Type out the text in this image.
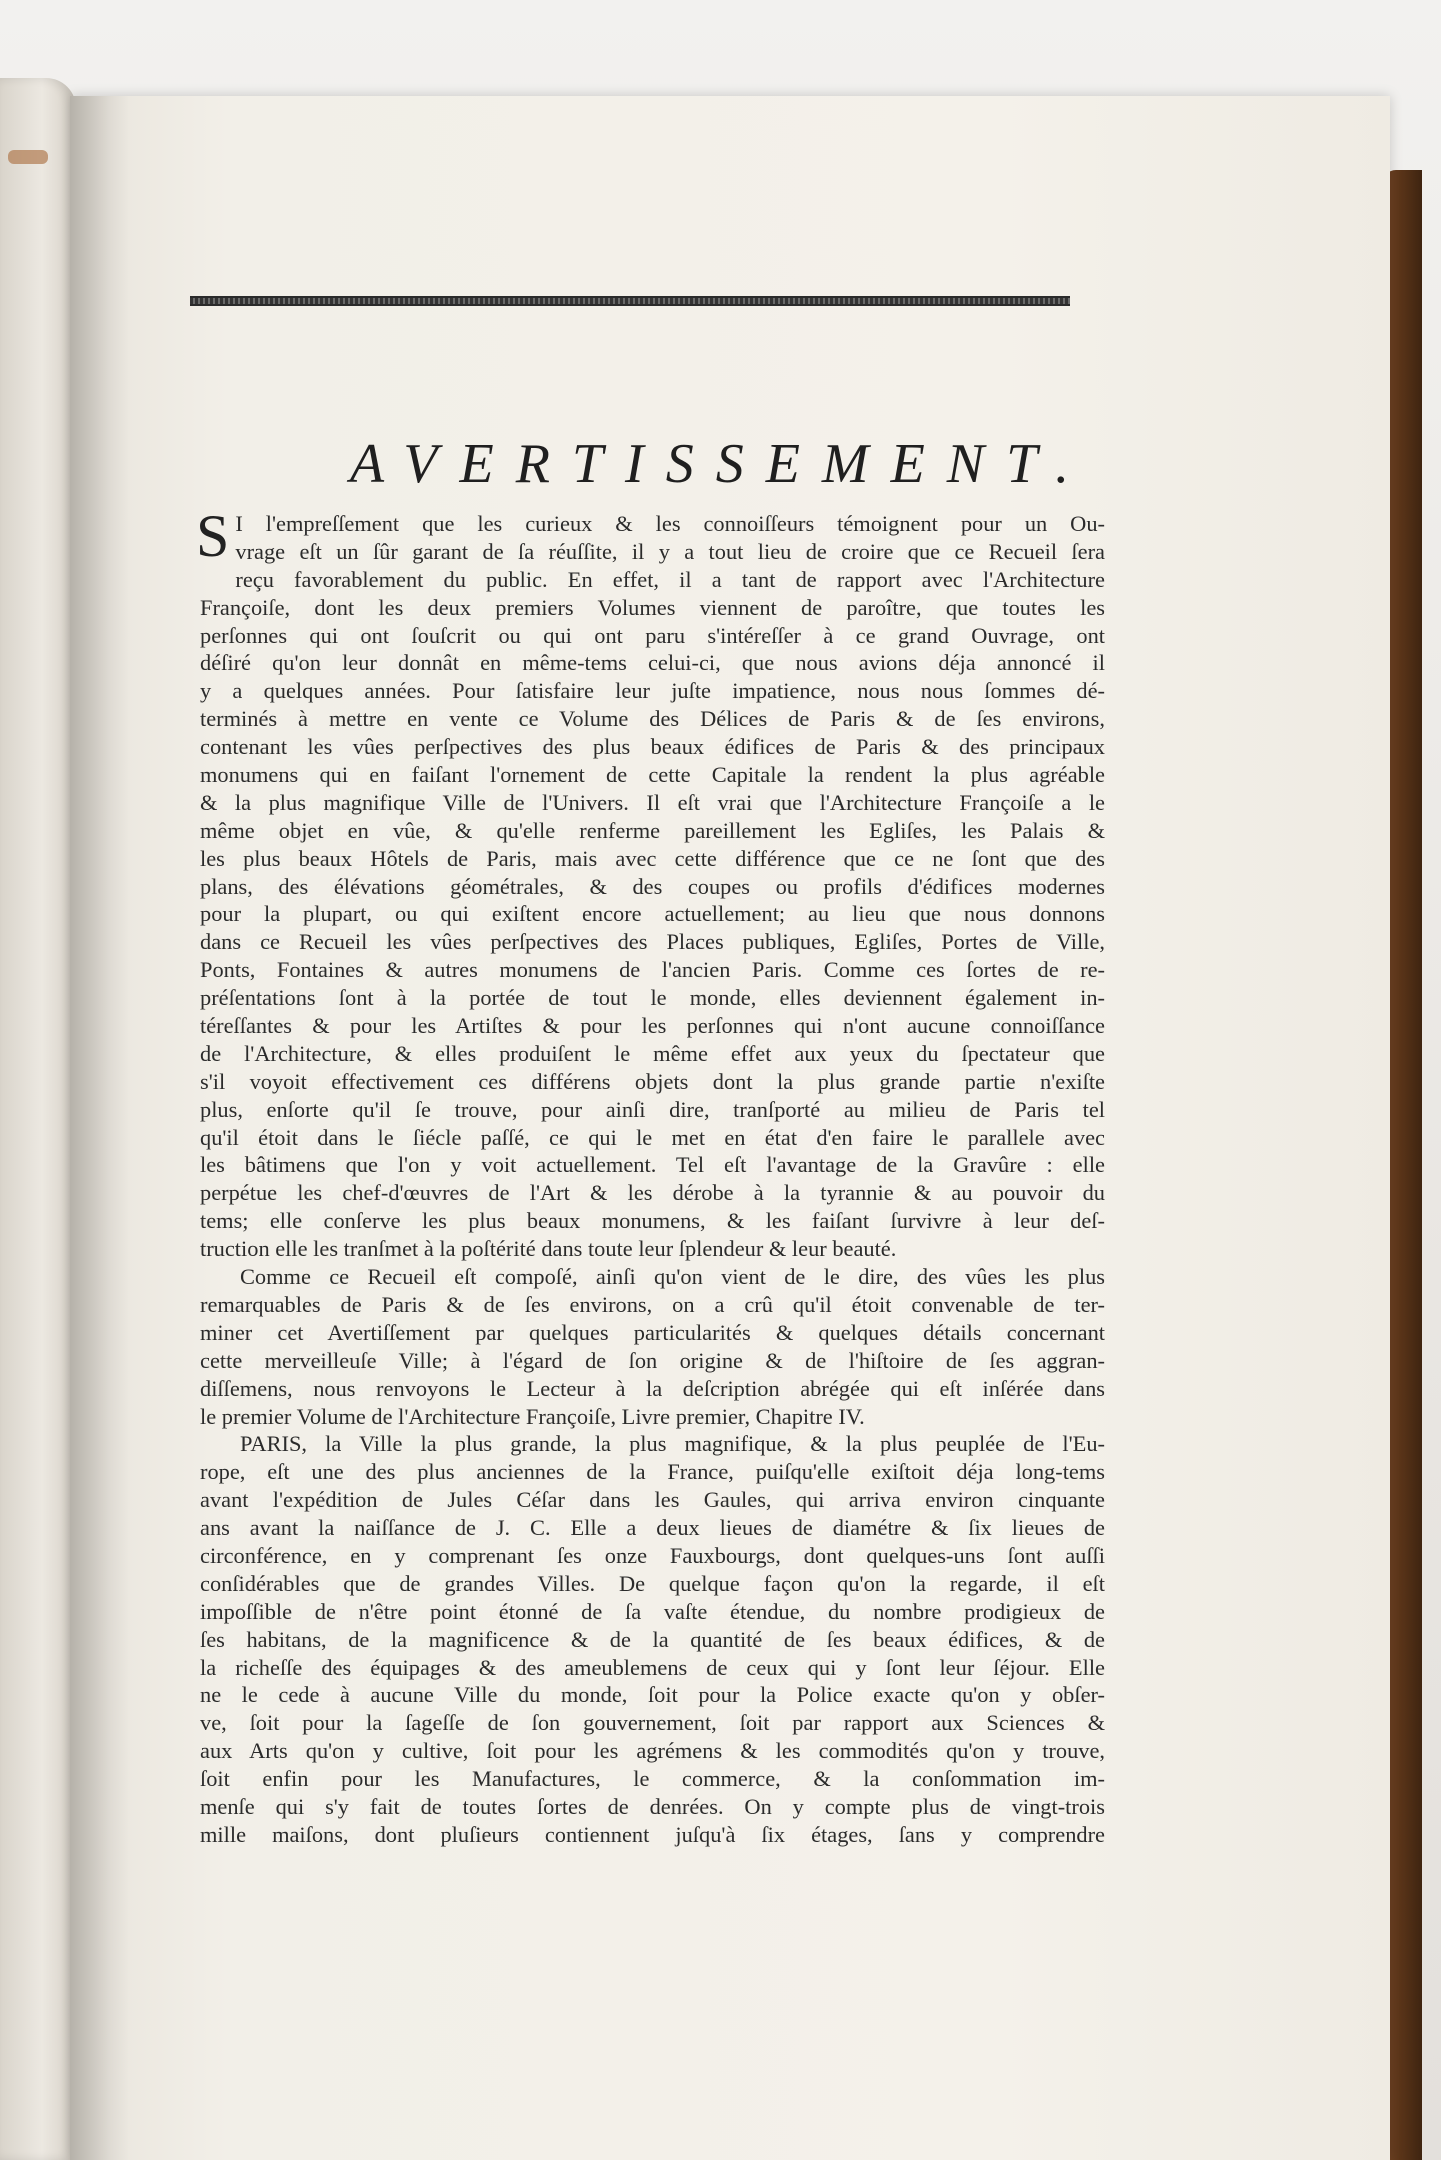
AVERTISSEMENT.
S I l'empreſſement que les curieux & les connoiſſeurs témoignent pour un Ou-
vrage eſt un ſûr garant de ſa réuſſite, il y a tout lieu de croire que ce Recueil ſera
reçu favorablement du public. En effet, il a tant de rapport avec l'Architecture
Françoiſe, dont les deux premiers Volumes viennent de paroître, que toutes les
perſonnes qui ont ſouſcrit ou qui ont paru s'intéreſſer à ce grand Ouvrage, ont
déſiré qu'on leur donnât en même-tems celui-ci, que nous avions déja annoncé il
y a quelques années. Pour ſatisfaire leur juſte impatience, nous nous ſommes dé-
terminés à mettre en vente ce Volume des Délices de Paris & de ſes environs,
contenant les vûes perſpectives des plus beaux édifices de Paris & des principaux
monumens qui en faiſant l'ornement de cette Capitale la rendent la plus agréable
& la plus magnifique Ville de l'Univers. Il eſt vrai que l'Architecture Françoiſe a le
même objet en vûe, & qu'elle renferme pareillement les Egliſes, les Palais &
les plus beaux Hôtels de Paris, mais avec cette différence que ce ne ſont que des
plans, des élévations géométrales, & des coupes ou profils d'édifices modernes
pour la plupart, ou qui exiſtent encore actuellement; au lieu que nous donnons
dans ce Recueil les vûes perſpectives des Places publiques, Egliſes, Portes de Ville,
Ponts, Fontaines & autres monumens de l'ancien Paris. Comme ces ſortes de re-
préſentations ſont à la portée de tout le monde, elles deviennent également in-
téreſſantes & pour les Artiſtes & pour les perſonnes qui n'ont aucune connoiſſance
de l'Architecture, & elles produiſent le même effet aux yeux du ſpectateur que
s'il voyoit effectivement ces différens objets dont la plus grande partie n'exiſte
plus, enſorte qu'il ſe trouve, pour ainſi dire, tranſporté au milieu de Paris tel
qu'il étoit dans le ſiécle paſſé, ce qui le met en état d'en faire le parallele avec
les bâtimens que l'on y voit actuellement. Tel eſt l'avantage de la Gravûre : elle
perpétue les chef-d'œuvres de l'Art & les dérobe à la tyrannie & au pouvoir du
tems; elle conſerve les plus beaux monumens, & les faiſant ſurvivre à leur deſ-
truction elle les tranſmet à la poſtérité dans toute leur ſplendeur & leur beauté.
Comme ce Recueil eſt compoſé, ainſi qu'on vient de le dire, des vûes les plus
remarquables de Paris & de ſes environs, on a crû qu'il étoit convenable de ter-
miner cet Avertiſſement par quelques particularités & quelques détails concernant
cette merveilleuſe Ville; à l'égard de ſon origine & de l'hiſtoire de ſes aggran-
diſſemens, nous renvoyons le Lecteur à la deſcription abrégée qui eſt inſérée dans
le premier Volume de l'Architecture Françoiſe, Livre premier, Chapitre IV.
PARIS, la Ville la plus grande, la plus magnifique, & la plus peuplée de l'Eu-
rope, eſt une des plus anciennes de la France, puiſqu'elle exiſtoit déja long-tems
avant l'expédition de Jules Céſar dans les Gaules, qui arriva environ cinquante
ans avant la naiſſance de J. C. Elle a deux lieues de diamétre & ſix lieues de
circonférence, en y comprenant ſes onze Fauxbourgs, dont quelques-uns ſont auſſi
conſidérables que de grandes Villes. De quelque façon qu'on la regarde, il eſt
impoſſible de n'être point étonné de ſa vaſte étendue, du nombre prodigieux de
ſes habitans, de la magnificence & de la quantité de ſes beaux édifices, & de
la richeſſe des équipages & des ameublemens de ceux qui y ſont leur ſéjour. Elle
ne le cede à aucune Ville du monde, ſoit pour la Police exacte qu'on y obſer-
ve, ſoit pour la ſageſſe de ſon gouvernement, ſoit par rapport aux Sciences &
aux Arts qu'on y cultive, ſoit pour les agrémens & les commodités qu'on y trouve,
ſoit enfin pour les Manufactures, le commerce, & la conſommation im-
menſe qui s'y fait de toutes ſortes de denrées. On y compte plus de vingt-trois
mille maiſons, dont pluſieurs contiennent juſqu'à ſix étages, ſans y comprendre
